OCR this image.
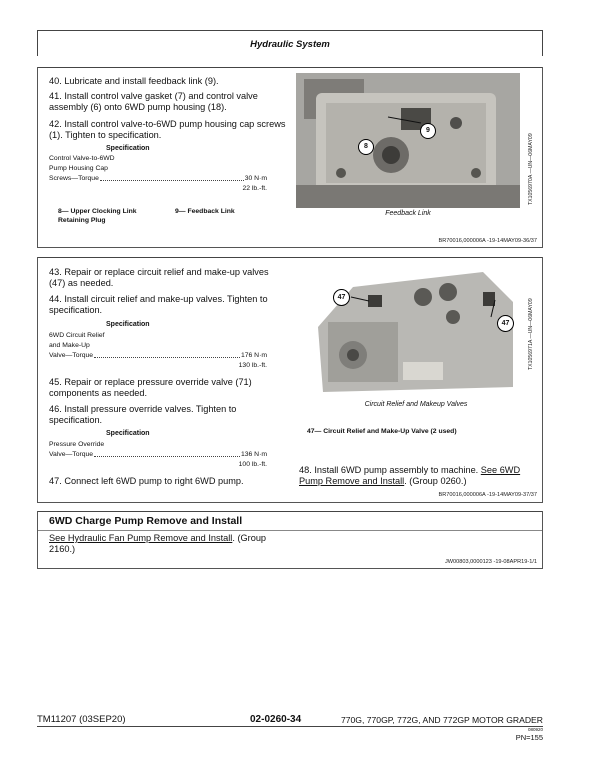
Hydraulic System
40. Lubricate and install feedback link (9).
41. Install control valve gasket (7) and control valve assembly (6) onto 6WD pump housing (18).
42. Install control valve-to-6WD pump housing cap screws (1). Tighten to specification.
Specification
Control Valve-to-6WD
Pump Housing Cap
Screws—Torque	30 N·m
22 lb.-ft.
8— Upper Clocking Link Retaining Plug
9— Feedback Link
8
9
TX1056970A —UN—06MAY09
Feedback Link
BR70016,000006A -19-14MAY09-36/37
43. Repair or replace circuit relief and make-up valves (47) as needed.
44. Install circuit relief and make-up valves. Tighten to specification.
Specification
6WD Circuit Relief
and Make-Up
Valve—Torque	176 N·m
130 lb.-ft.
45. Repair or replace pressure override valve (71) components as needed.
46. Install pressure override valves. Tighten to specification.
Specification
Pressure Override
Valve—Torque	136 N·m
100 lb.-ft.
47. Connect left 6WD pump to right 6WD pump.
47
47	TX1056971A —UN—06MAY09
Circuit Relief and Makeup Valves
47— Circuit Relief and Make-Up Valve (2 used)
48. Install 6WD pump assembly to machine. See 6WD Pump Remove and Install. (Group 0260.)
BR70016,000006A -19-14MAY09-37/37
6WD Charge Pump Remove and Install
See Hydraulic Fan Pump Remove and Install. (Group 2160.)
JW00803,0000123 -19-08APR19-1/1
TM11207 (03SEP20)	02-0260-34	770G, 770GP, 772G, AND 772GP MOTOR GRADER
080920
PN=155
